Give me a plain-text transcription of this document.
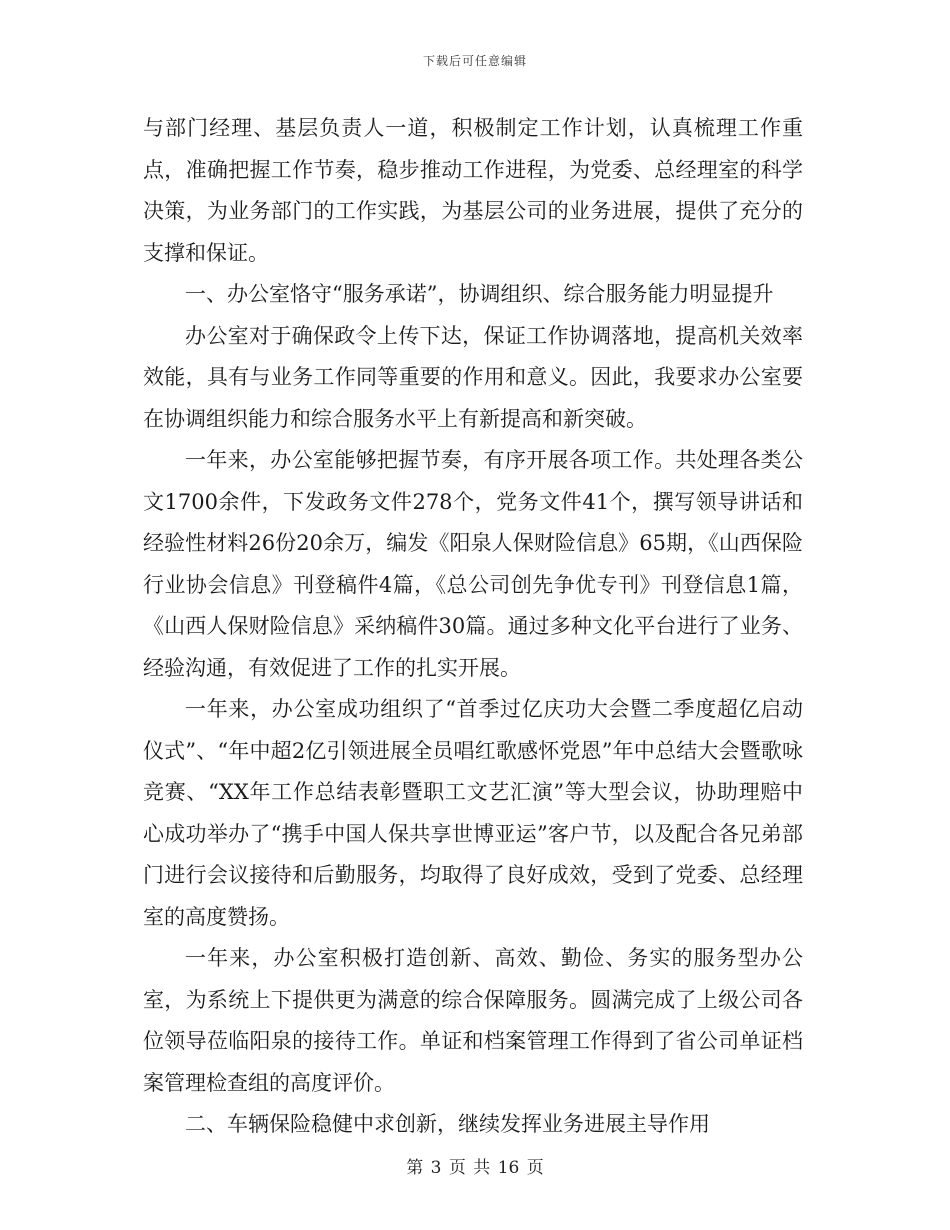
下载后可任意编辑

与部门经理、基层负责人一道，积极制定工作计划，认真梳理工作重点，准确把握工作节奏，稳步推动工作进程，为党委、总经理室的科学决策，为业务部门的工作实践，为基层公司的业务进展，提供了充分的支撑和保证。

一、办公室恪守“服务承诺”，协调组织、综合服务能力明显提升

办公室对于确保政令上传下达，保证工作协调落地，提高机关效率效能，具有与业务工作同等重要的作用和意义。因此，我要求办公室要在协调组织能力和综合服务水平上有新提高和新突破。

一年来，办公室能够把握节奏，有序开展各项工作。共处理各类公文1700余件，下发政务文件278个，党务文件41个，撰写领导讲话和经验性材料26份20余万，编发《阳泉人保财险信息》65期，《山西保险行业协会信息》刊登稿件4篇，《总公司创先争优专刊》刊登信息1篇，《山西人保财险信息》采纳稿件30篇。通过多种文化平台进行了业务、经验沟通，有效促进了工作的扎实开展。

一年来，办公室成功组织了“首季过亿庆功大会暨二季度超亿启动仪式”、“年中超2亿引领进展全员唱红歌感怀党恩”年中总结大会暨歌咏竞赛、“XX年工作总结表彰暨职工文艺汇演”等大型会议，协助理赔中心成功举办了“携手中国人保共享世博亚运”客户节，以及配合各兄弟部门进行会议接待和后勤服务，均取得了良好成效，受到了党委、总经理室的高度赞扬。

一年来，办公室积极打造创新、高效、勤俭、务实的服务型办公室，为系统上下提供更为满意的综合保障服务。圆满完成了上级公司各位领导莅临阳泉的接待工作。单证和档案管理工作得到了省公司单证档案管理检查组的高度评价。

二、车辆保险稳健中求创新，继续发挥业务进展主导作用

第 3 页 共 16 页
